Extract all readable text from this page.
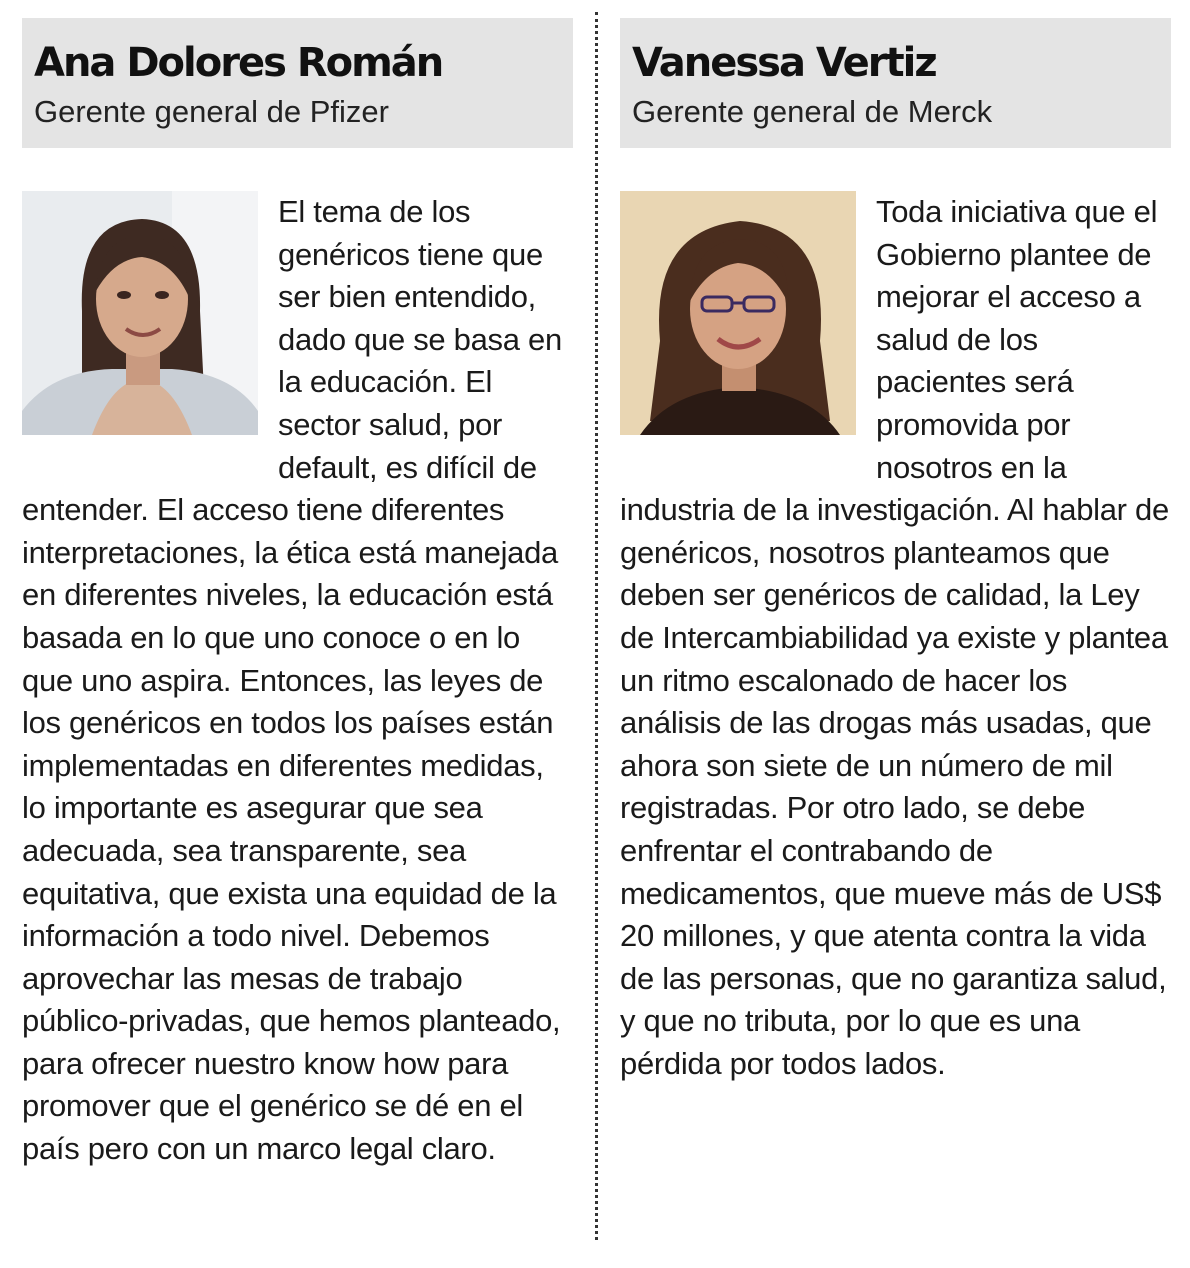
Ana Dolores Román
Gerente general de Pfizer

El tema de los genéricos tiene que ser bien entendido, dado que se basa en la educación. El sector salud, por default, es difícil de entender. El acceso tiene diferentes interpretaciones, la ética está manejada en diferentes niveles, la educación está basada en lo que uno conoce o en lo que uno aspira. Entonces, las leyes de los genéricos en todos los países están implementadas en diferentes medidas, lo importante es asegurar que sea adecuada, sea transparente, sea equitativa, que exista una equidad de la información a todo nivel. Debemos aprovechar las mesas de trabajo público-privadas, que hemos planteado, para ofrecer nuestro know how para promover que el genérico se dé en el país pero con un marco legal claro.

Vanessa Vertiz
Gerente general de Merck

Toda iniciativa que el Gobierno plantee de mejorar el acceso a salud de los pacientes será promovida por nosotros en la industria de la investigación. Al hablar de genéricos, nosotros planteamos que deben ser genéricos de calidad, la Ley de Intercambiabilidad ya existe y plantea un ritmo escalonado de hacer los análisis de las drogas más usadas, que ahora son siete de un número de mil registradas. Por otro lado, se debe enfrentar el contrabando de medicamentos, que mueve más de US$ 20 millones, y que atenta contra la vida de las personas, que no garantiza salud, y que no tributa, por lo que es una pérdida por todos lados.
